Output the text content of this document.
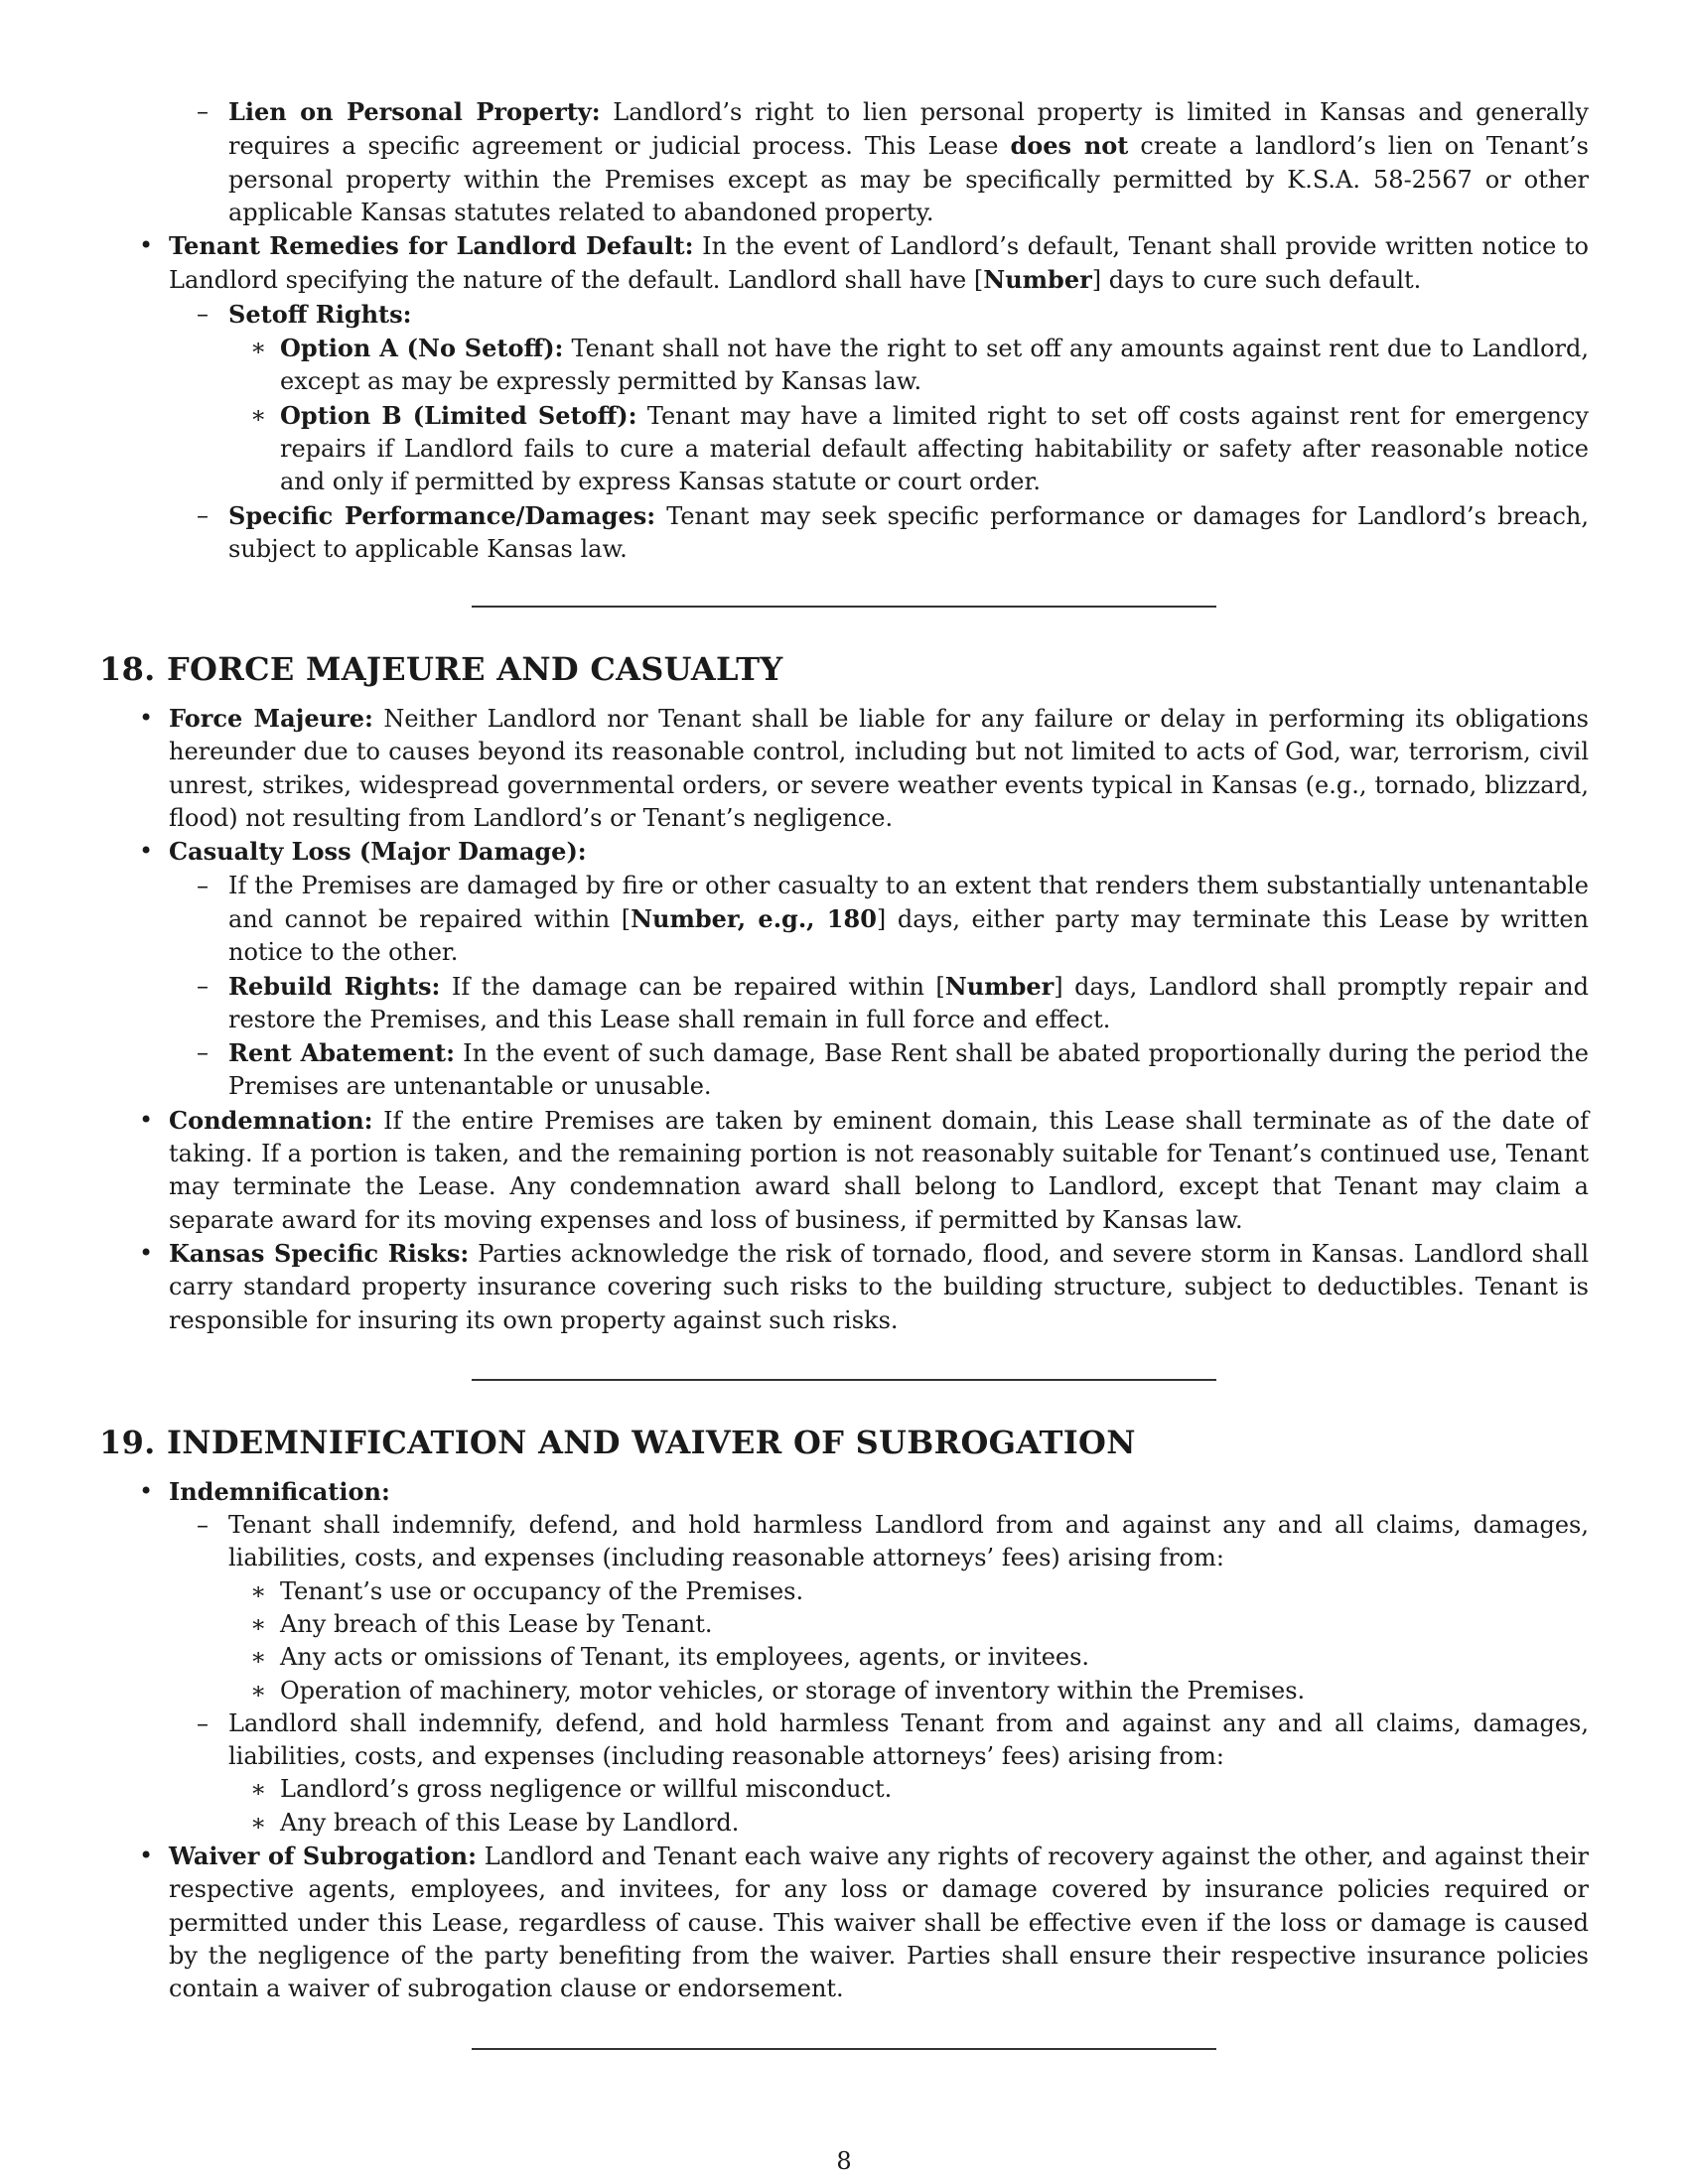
– Lien on Personal Property: Landlord’s right to lien personal property is limited in Kansas and generally requires a specific agreement or judicial process. This Lease does not create a landlord’s lien on Tenant’s personal property within the Premises except as may be specifically permitted by K.S.A. 58-2567 or other applicable Kansas statutes related to abandoned property.
• Tenant Remedies for Landlord Default: In the event of Landlord’s default, Tenant shall provide written notice to Landlord specifying the nature of the default. Landlord shall have [Number] days to cure such default.
– Setoff Rights:
∗ Option A (No Setoff): Tenant shall not have the right to set off any amounts against rent due to Landlord, except as may be expressly permitted by Kansas law.
∗ Option B (Limited Setoff): Tenant may have a limited right to set off costs against rent for emergency repairs if Landlord fails to cure a material default affecting habitability or safety after reasonable notice and only if permitted by express Kansas statute or court order.
– Specific Performance/Damages: Tenant may seek specific performance or damages for Landlord’s breach, subject to applicable Kansas law.
18. FORCE MAJEURE AND CASUALTY
• Force Majeure: Neither Landlord nor Tenant shall be liable for any failure or delay in performing its obligations hereunder due to causes beyond its reasonable control, including but not limited to acts of God, war, terrorism, civil unrest, strikes, widespread governmental orders, or severe weather events typical in Kansas (e.g., tornado, blizzard, flood) not resulting from Landlord’s or Tenant’s negligence.
• Casualty Loss (Major Damage):
– If the Premises are damaged by fire or other casualty to an extent that renders them substantially untenantable and cannot be repaired within [Number, e.g., 180] days, either party may terminate this Lease by written notice to the other.
– Rebuild Rights: If the damage can be repaired within [Number] days, Landlord shall promptly repair and restore the Premises, and this Lease shall remain in full force and effect.
– Rent Abatement: In the event of such damage, Base Rent shall be abated proportionally during the period the Premises are untenantable or unusable.
• Condemnation: If the entire Premises are taken by eminent domain, this Lease shall terminate as of the date of taking. If a portion is taken, and the remaining portion is not reasonably suitable for Tenant’s continued use, Tenant may terminate the Lease. Any condemnation award shall belong to Landlord, except that Tenant may claim a separate award for its moving expenses and loss of business, if permitted by Kansas law.
• Kansas Specific Risks: Parties acknowledge the risk of tornado, flood, and severe storm in Kansas. Landlord shall carry standard property insurance covering such risks to the building structure, subject to deductibles. Tenant is responsible for insuring its own property against such risks.
19. INDEMNIFICATION AND WAIVER OF SUBROGATION
• Indemnification:
– Tenant shall indemnify, defend, and hold harmless Landlord from and against any and all claims, damages, liabilities, costs, and expenses (including reasonable attorneys’ fees) arising from:
∗ Tenant’s use or occupancy of the Premises.
∗ Any breach of this Lease by Tenant.
∗ Any acts or omissions of Tenant, its employees, agents, or invitees.
∗ Operation of machinery, motor vehicles, or storage of inventory within the Premises.
– Landlord shall indemnify, defend, and hold harmless Tenant from and against any and all claims, damages, liabilities, costs, and expenses (including reasonable attorneys’ fees) arising from:
∗ Landlord’s gross negligence or willful misconduct.
∗ Any breach of this Lease by Landlord.
• Waiver of Subrogation: Landlord and Tenant each waive any rights of recovery against the other, and against their respective agents, employees, and invitees, for any loss or damage covered by insurance policies required or permitted under this Lease, regardless of cause. This waiver shall be effective even if the loss or damage is caused by the negligence of the party benefiting from the waiver. Parties shall ensure their respective insurance policies contain a waiver of subrogation clause or endorsement.
8
